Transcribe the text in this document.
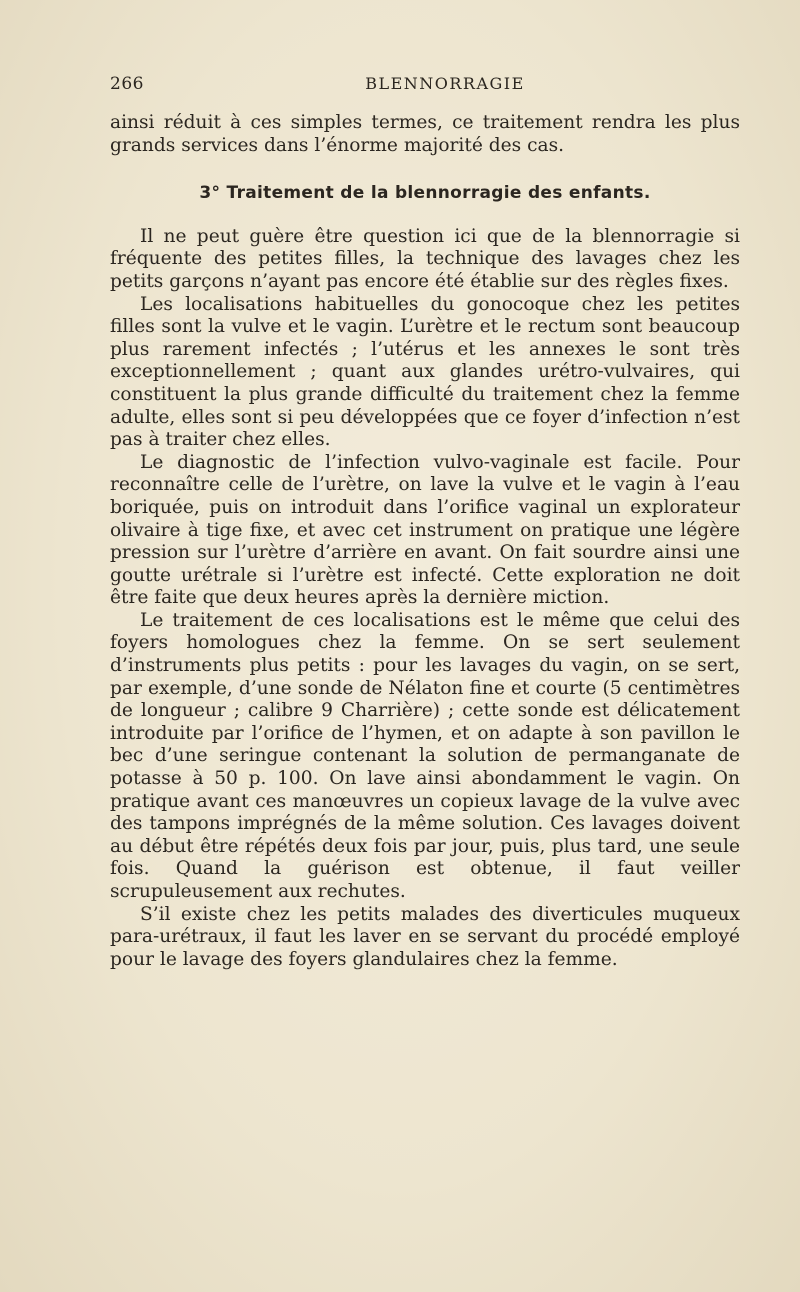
266	BLENNORRAGIE

ainsi réduit à ces simples termes, ce traitement rendra les plus grands services dans l’énorme majorité des cas.

3° Traitement de la blennorragie des enfants.

Il ne peut guère être question ici que de la blennorragie si fréquente des petites filles, la technique des lavages chez les petits garçons n’ayant pas encore été établie sur des règles fixes.

Les localisations habituelles du gonocoque chez les petites filles sont la vulve et le vagin. L’urètre et le rectum sont beaucoup plus rarement infectés ; l’utérus et les annexes le sont très exceptionnellement ; quant aux glandes urétro-vulvaires, qui constituent la plus grande difficulté du traitement chez la femme adulte, elles sont si peu développées que ce foyer d’infection n’est pas à traiter chez elles.

Le diagnostic de l’infection vulvo-vaginale est facile. Pour reconnaître celle de l’urètre, on lave la vulve et le vagin à l’eau boriquée, puis on introduit dans l’orifice vaginal un explorateur olivaire à tige fixe, et avec cet instrument on pratique une légère pression sur l’urètre d’arrière en avant. On fait sourdre ainsi une goutte urétrale si l’urètre est infecté. Cette exploration ne doit être faite que deux heures après la dernière miction.

Le traitement de ces localisations est le même que celui des foyers homologues chez la femme. On se sert seulement d’instruments plus petits : pour les lavages du vagin, on se sert, par exemple, d’une sonde de Nélaton fine et courte (5 centimètres de longueur ; calibre 9 Charrière) ; cette sonde est délicatement introduite par l’orifice de l’hymen, et on adapte à son pavillon le bec d’une seringue contenant la solution de permanganate de potasse à 50 p. 100. On lave ainsi abondamment le vagin. On pratique avant ces manœuvres un copieux lavage de la vulve avec des tampons imprégnés de la même solution. Ces lavages doivent au début être répétés deux fois par jour, puis, plus tard, une seule fois. Quand la guérison est obtenue, il faut veiller scrupuleusement aux rechutes.

S’il existe chez les petits malades des diverticules muqueux para-urétraux, il faut les laver en se servant du procédé employé pour le lavage des foyers glandulaires chez la femme.
